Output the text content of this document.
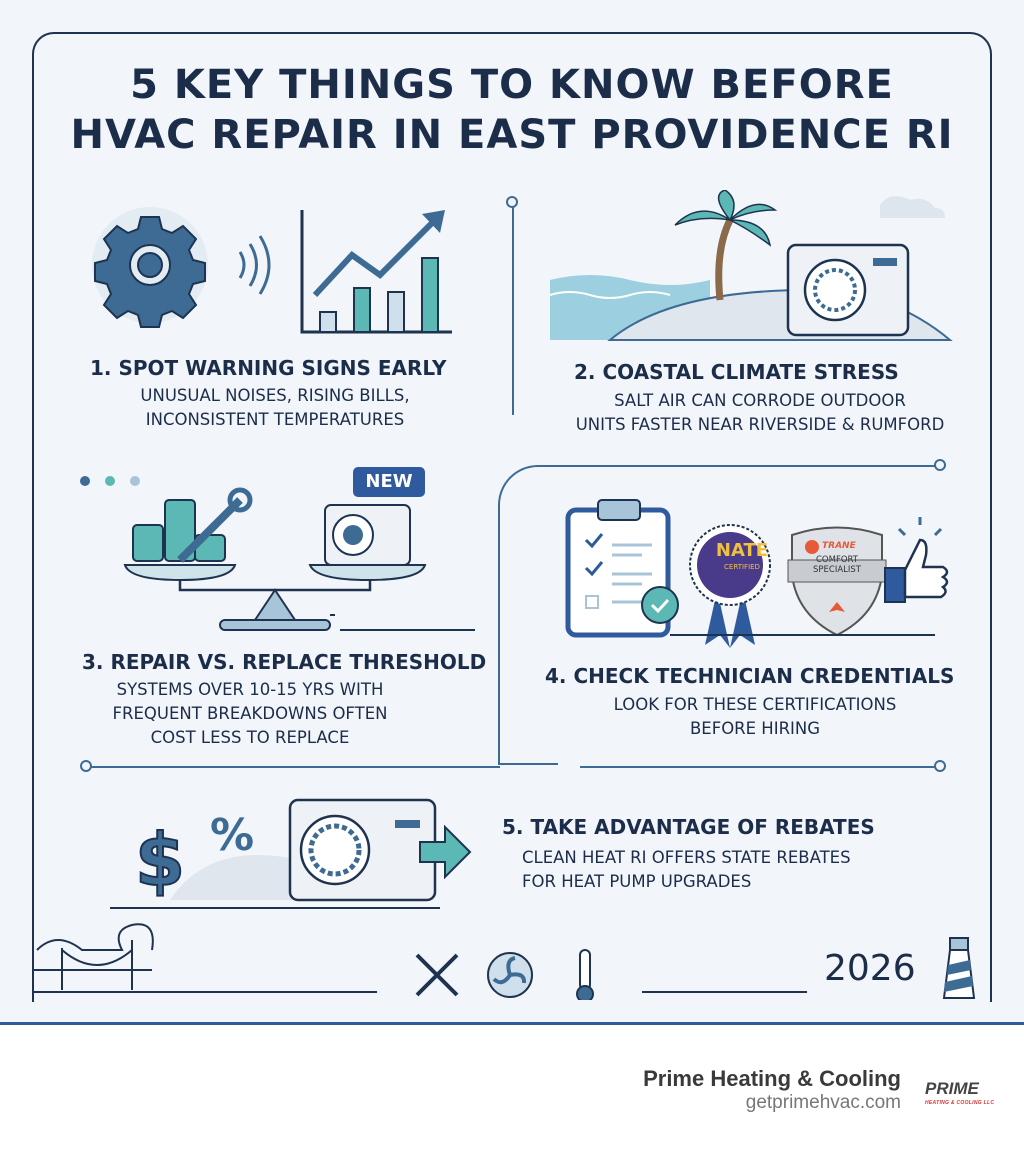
5 KEY THINGS TO KNOW BEFORE
HVAC REPAIR IN EAST PROVIDENCE RI
1. SPOT WARNING SIGNS EARLY
UNUSUAL NOISES, RISING BILLS,
INCONSISTENT TEMPERATURES
2. COASTAL CLIMATE STRESS
SALT AIR CAN CORRODE OUTDOOR
UNITS FASTER NEAR RIVERSIDE & RUMFORD
NEW
3. REPAIR VS. REPLACE THRESHOLD
SYSTEMS OVER 10-15 YRS WITH
FREQUENT BREAKDOWNS OFTEN
COST LESS TO REPLACE
NATE
CERTIFIED
TRANE
COMFORT
SPECIALIST
4. CHECK TECHNICIAN CREDENTIALS
LOOK FOR THESE CERTIFICATIONS
BEFORE HIRING
$ %	5. TAKE ADVANTAGE OF REBATES
CLEAN HEAT RI OFFERS STATE REBATES
FOR HEAT PUMP UPGRADES
2026
Prime Heating & Cooling
getprimehvac.com
PRIME
HEATING & COOLING LLC
